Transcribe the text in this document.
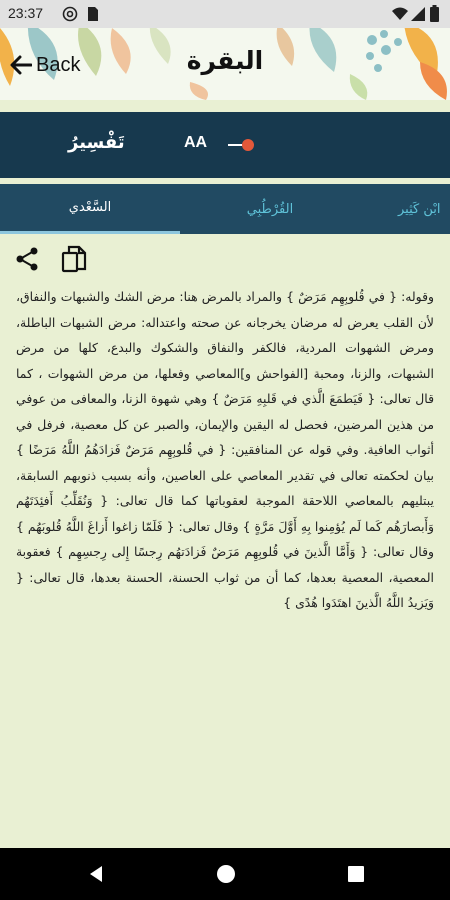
23:37
Back	البقرة
تَفْسِيرُ	AA
السَّعْدي	القُرْطُبِي	ابْن كَثِير
وقوله: { في قُلوبِهِم مَرَضٌ } والمراد بالمرض هنا: مرض الشك والشبهات والنفاق، لأن القلب يعرض له مرضان يخرجانه عن صحته واعتداله: مرض الشبهات الباطلة، ومرض الشهوات المردية، فالكفر والنفاق والشكوك والبدع، كلها من مرض الشبهات، والزنا، ومحبة [الفواحش و]المعاصي وفعلها، من مرض الشهوات ، كما قال تعالى: { فَيَطمَعَ الَّذي في قَلبِهِ مَرَضٌ } وهي شهوة الزنا، والمعافى من عوفي من هذين المرضين، فحصل له اليقين والإيمان، والصبر عن كل معصية، فرفل في أثواب العافية. وفي قوله عن المنافقين: { في قُلوبِهِم مَرَضٌ فَزادَهُمُ اللَّهُ مَرَضًا } بيان لحكمته تعالى في تقدير المعاصي على العاصين، وأنه بسبب ذنوبهم السابقة، يبتليهم بالمعاصي اللاحقة الموجبة لعقوباتها كما قال تعالى: { وَنُقَلِّبُ أَفئِدَتَهُم وَأَبصارَهُم كَما لَم يُؤمِنوا بِهِ أَوَّلَ مَرَّةٍ } وقال تعالى: { فَلَمّا زاغوا أَزاغَ اللَّهُ قُلوبَهُم } وقال تعالى: { وَأَمَّا الَّذينَ في قُلوبِهِم مَرَضٌ فَزادَتهُم رِجسًا إِلى رِجسِهِم } فعقوبة المعصية، المعصية بعدها، كما أن من ثواب الحسنة، الحسنة بعدها، قال تعالى: { وَيَزيدُ اللَّهُ الَّذينَ اهتَدَوا هُدًى }
